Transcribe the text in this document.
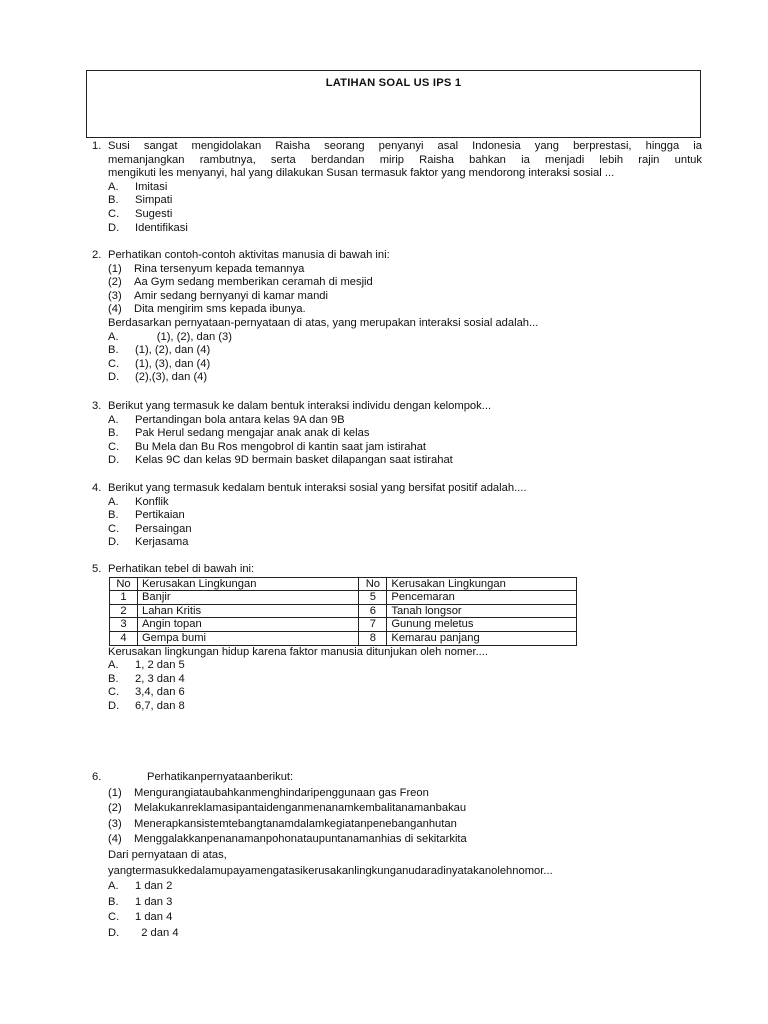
LATIHAN SOAL US IPS 1
1. Susi sangat mengidolakan Raisha seorang penyanyi asal Indonesia yang berprestasi, hingga ia
memanjangkan rambutnya, serta berdandan mirip Raisha bahkan ia menjadi lebih rajin untuk
mengikuti les menyanyi, hal yang dilakukan Susan termasuk faktor yang mendorong interaksi sosial ...
A.	Imitasi
B.	Simpati
C.	Sugesti
D.	Identifikasi
2. Perhatikan contoh-contoh aktivitas manusia di bawah ini:
(1)	Rina tersenyum kepada temannya
(2)	Aa Gym sedang memberikan ceramah di mesjid
(3)	Amir sedang bernyanyi di kamar mandi
(4)	Dita mengirim sms kepada ibunya.
Berdasarkan pernyataan-pernyataan di atas, yang merupakan interaksi sosial adalah...
A.	(1), (2), dan (3)
B.	(1), (2), dan (4)
C.	(1), (3), dan (4)
D.	(2),(3), dan (4)
3. Berikut yang termasuk ke dalam bentuk interaksi individu dengan kelompok...
A.	Pertandingan bola antara kelas 9A dan 9B
B.	Pak Herul sedang mengajar anak anak di kelas
C.	Bu Mela dan Bu Ros mengobrol di kantin saat jam istirahat
D.	Kelas 9C dan kelas 9D bermain basket dilapangan saat istirahat
4. Berikut yang termasuk kedalam bentuk interaksi sosial yang bersifat positif adalah....
A.	Konflik
B.	Pertikaian
C.	Persaingan
D.	Kerjasama
5. Perhatikan tebel di bawah ini:
No	Kerusakan Lingkungan	No	Kerusakan Lingkungan
1	Banjir	5	Pencemaran
2	Lahan Kritis	6	Tanah longsor
3	Angin topan	7	Gunung meletus
4	Gempa bumi	8	Kemarau panjang
Kerusakan lingkungan hidup karena faktor manusia ditunjukan oleh nomer....
A.	1, 2 dan 5
B.	2, 3 dan 4
C.	3,4, dan 6
D.	6,7, dan 8
6.	Perhatikanpernyataanberikut:
(1)	Mengurangiataubahkanmenghindaripenggunaan gas Freon
(2)	Melakukanreklamasipantaidenganmenanamkembalitanamanbakau
(3)	Menerapkansistemtebangtanamdalamkegiatanpenebanganhutan
(4)	Menggalakkanpenanamanpohonataupuntanamanhias di sekitarkita
Dari pernyataan di atas,
yangtermasukkedalamupayamengatasikerusakanlingkunganudaradinyatakanolehnomor...
A.	1 dan 2
B.	1 dan 3
C.	1 dan 4
D.	2 dan 4
